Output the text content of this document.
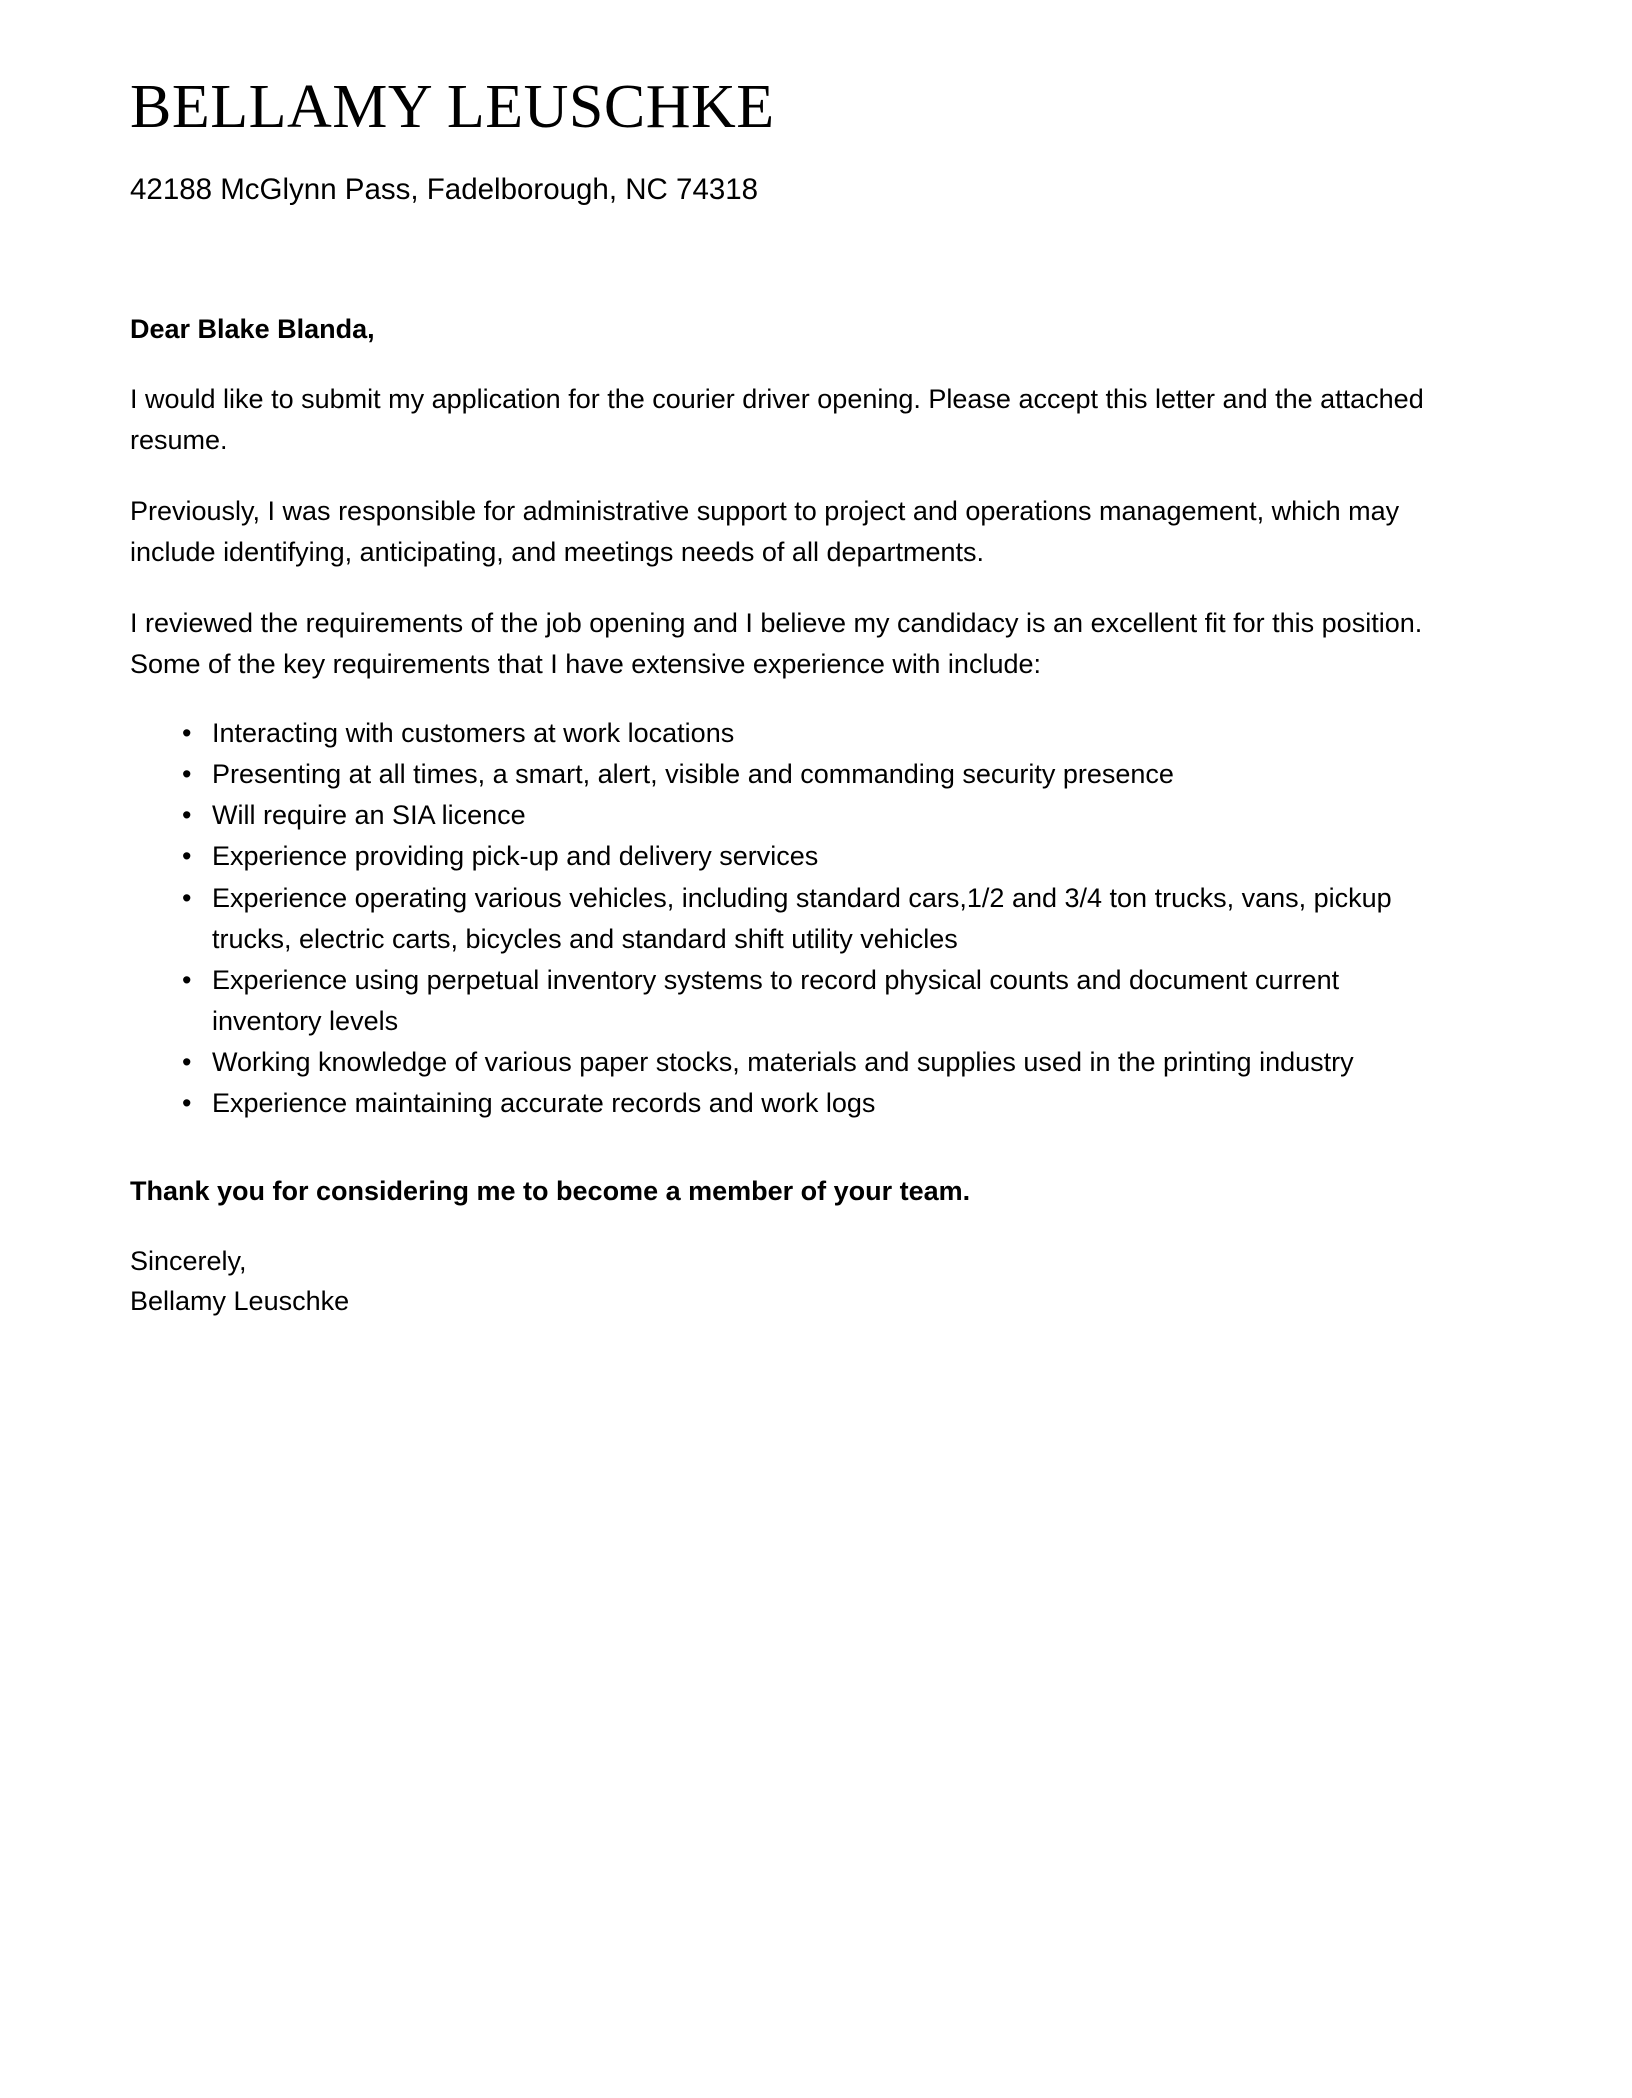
BELLAMY LEUSCHKE
42188 McGlynn Pass, Fadelborough, NC 74318
Dear Blake Blanda,

I would like to submit my application for the courier driver opening. Please accept this letter and the attached resume.

Previously, I was responsible for administrative support to project and operations management, which may include identifying, anticipating, and meetings needs of all departments.

I reviewed the requirements of the job opening and I believe my candidacy is an excellent fit for this position. Some of the key requirements that I have extensive experience with include:

• Interacting with customers at work locations
• Presenting at all times, a smart, alert, visible and commanding security presence
• Will require an SIA licence
• Experience providing pick-up and delivery services
• Experience operating various vehicles, including standard cars,1/2 and 3/4 ton trucks, vans, pickup trucks, electric carts, bicycles and standard shift utility vehicles
• Experience using perpetual inventory systems to record physical counts and document current inventory levels
• Working knowledge of various paper stocks, materials and supplies used in the printing industry
• Experience maintaining accurate records and work logs
Thank you for considering me to become a member of your team.
Sincerely,
Bellamy Leuschke
